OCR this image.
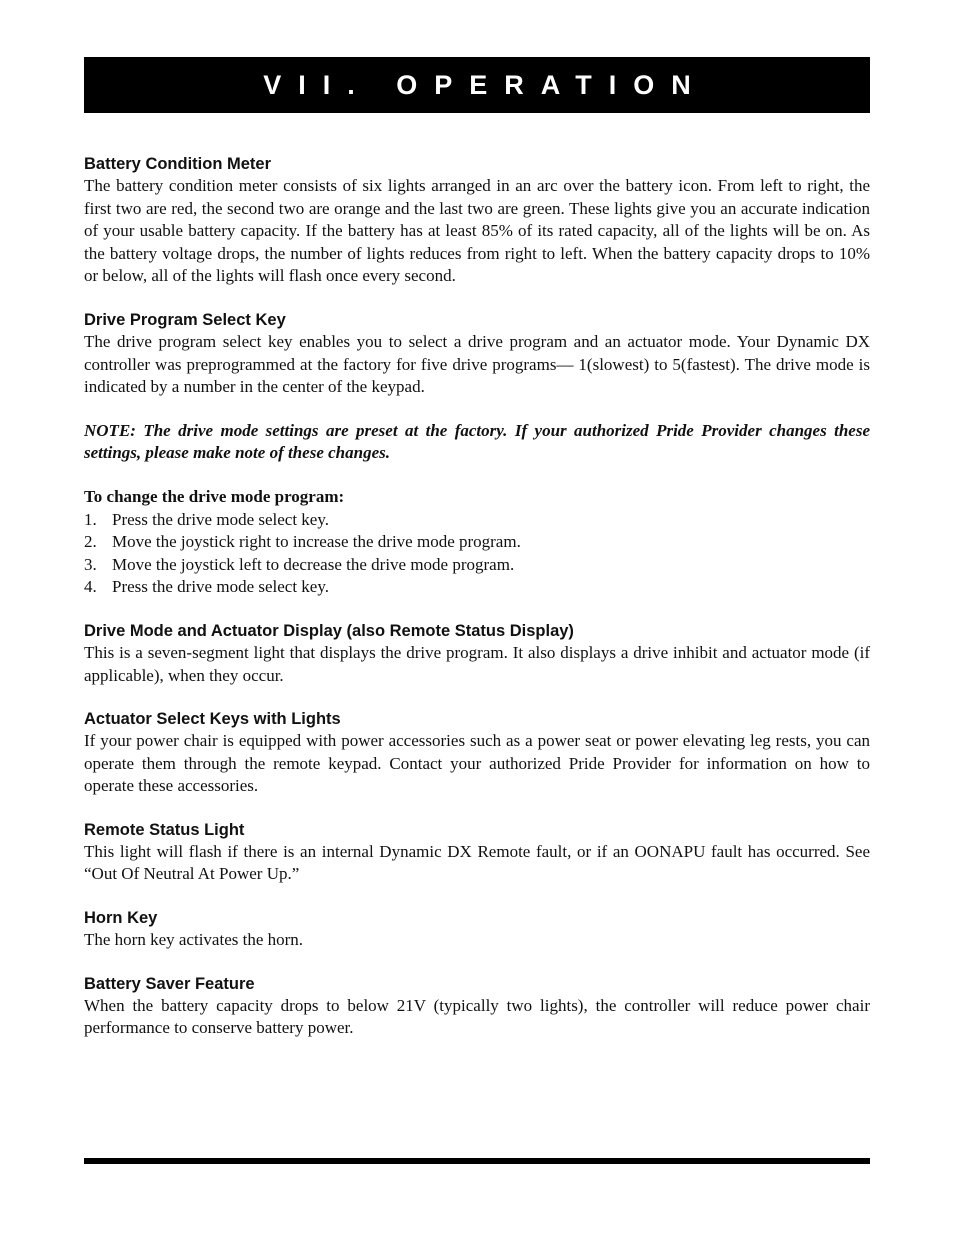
VII. OPERATION
Battery Condition Meter

The battery condition meter consists of six lights arranged in an arc over the battery icon. From left to right, the first two are red, the second two are orange and the last two are green. These lights give you an accurate indication of your usable battery capacity. If the battery has at least 85% of its rated capacity, all of the lights will be on. As the battery voltage drops, the number of lights reduces from right to left. When the battery capacity drops to 10% or below, all of the lights will flash once every second.

Drive Program Select Key

The drive program select key enables you to select a drive program and an actuator mode. Your Dynamic DX controller was preprogrammed at the factory for five drive programs— 1(slowest) to 5(fastest). The drive mode is indicated by a number in the center of the keypad.

NOTE: The drive mode settings are preset at the factory. If your authorized Pride Provider changes these settings, please make note of these changes.

To change the drive mode program:

1. Press the drive mode select key.
2. Move the joystick right to increase the drive mode program.
3. Move the joystick left to decrease the drive mode program.
4. Press the drive mode select key.
Drive Mode and Actuator Display (also Remote Status Display)

This is a seven-segment light that displays the drive program. It also displays a drive inhibit and actuator mode (if applicable), when they occur.

Actuator Select Keys with Lights

If your power chair is equipped with power accessories such as a power seat or power elevating leg rests, you can operate them through the remote keypad. Contact your authorized Pride Provider for information on how to operate these accessories.

Remote Status Light

This light will flash if there is an internal Dynamic DX Remote fault, or if an OONAPU fault has occurred. See “Out Of Neutral At Power Up.”

Horn Key

The horn key activates the horn.

Battery Saver Feature

When the battery capacity drops to below 21V (typically two lights), the controller will reduce power chair performance to conserve battery power.
